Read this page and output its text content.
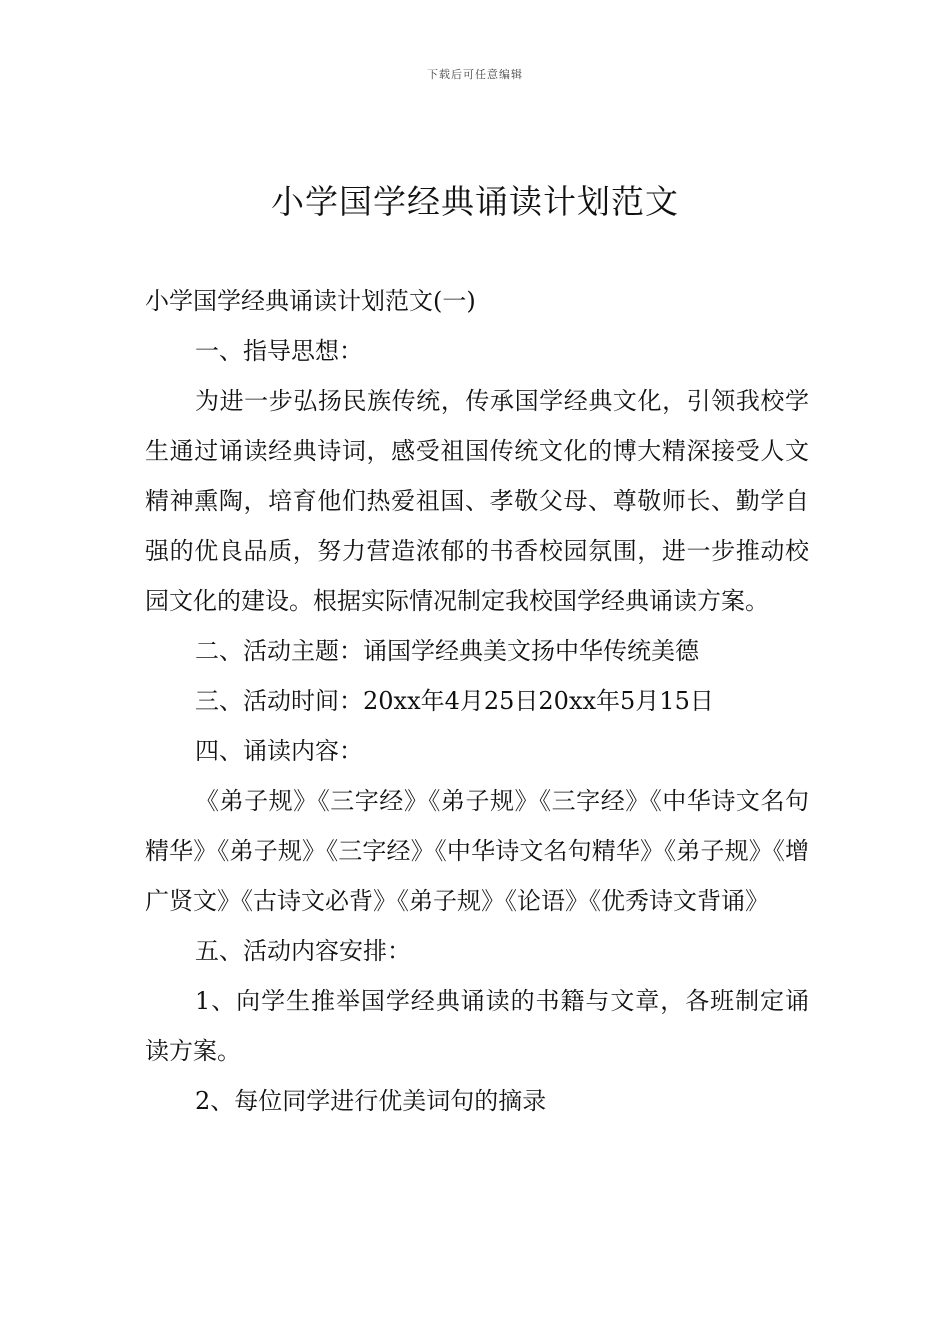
下载后可任意编辑
小学国学经典诵读计划范文

小学国学经典诵读计划范文(一)

一、指导思想：

为进一步弘扬民族传统，传承国学经典文化，引领我校学生通过诵读经典诗词，感受祖国传统文化的博大精深接受人文精神熏陶，培育他们热爱祖国、孝敬父母、尊敬师长、勤学自强的优良品质，努力营造浓郁的书香校园氛围，进一步推动校园文化的建设。根据实际情况制定我校国学经典诵读方案。

二、活动主题：诵国学经典美文扬中华传统美德

三、活动时间：20xx年4月25日20xx年5月15日

四、诵读内容：

《弟子规》《三字经》《弟子规》《三字经》《中华诗文名句精华》《弟子规》《三字经》《中华诗文名句精华》《弟子规》《增广贤文》《古诗文必背》《弟子规》《论语》《优秀诗文背诵》

五、活动内容安排：

1、向学生推举国学经典诵读的书籍与文章，各班制定诵读方案。

2、每位同学进行优美词句的摘录
